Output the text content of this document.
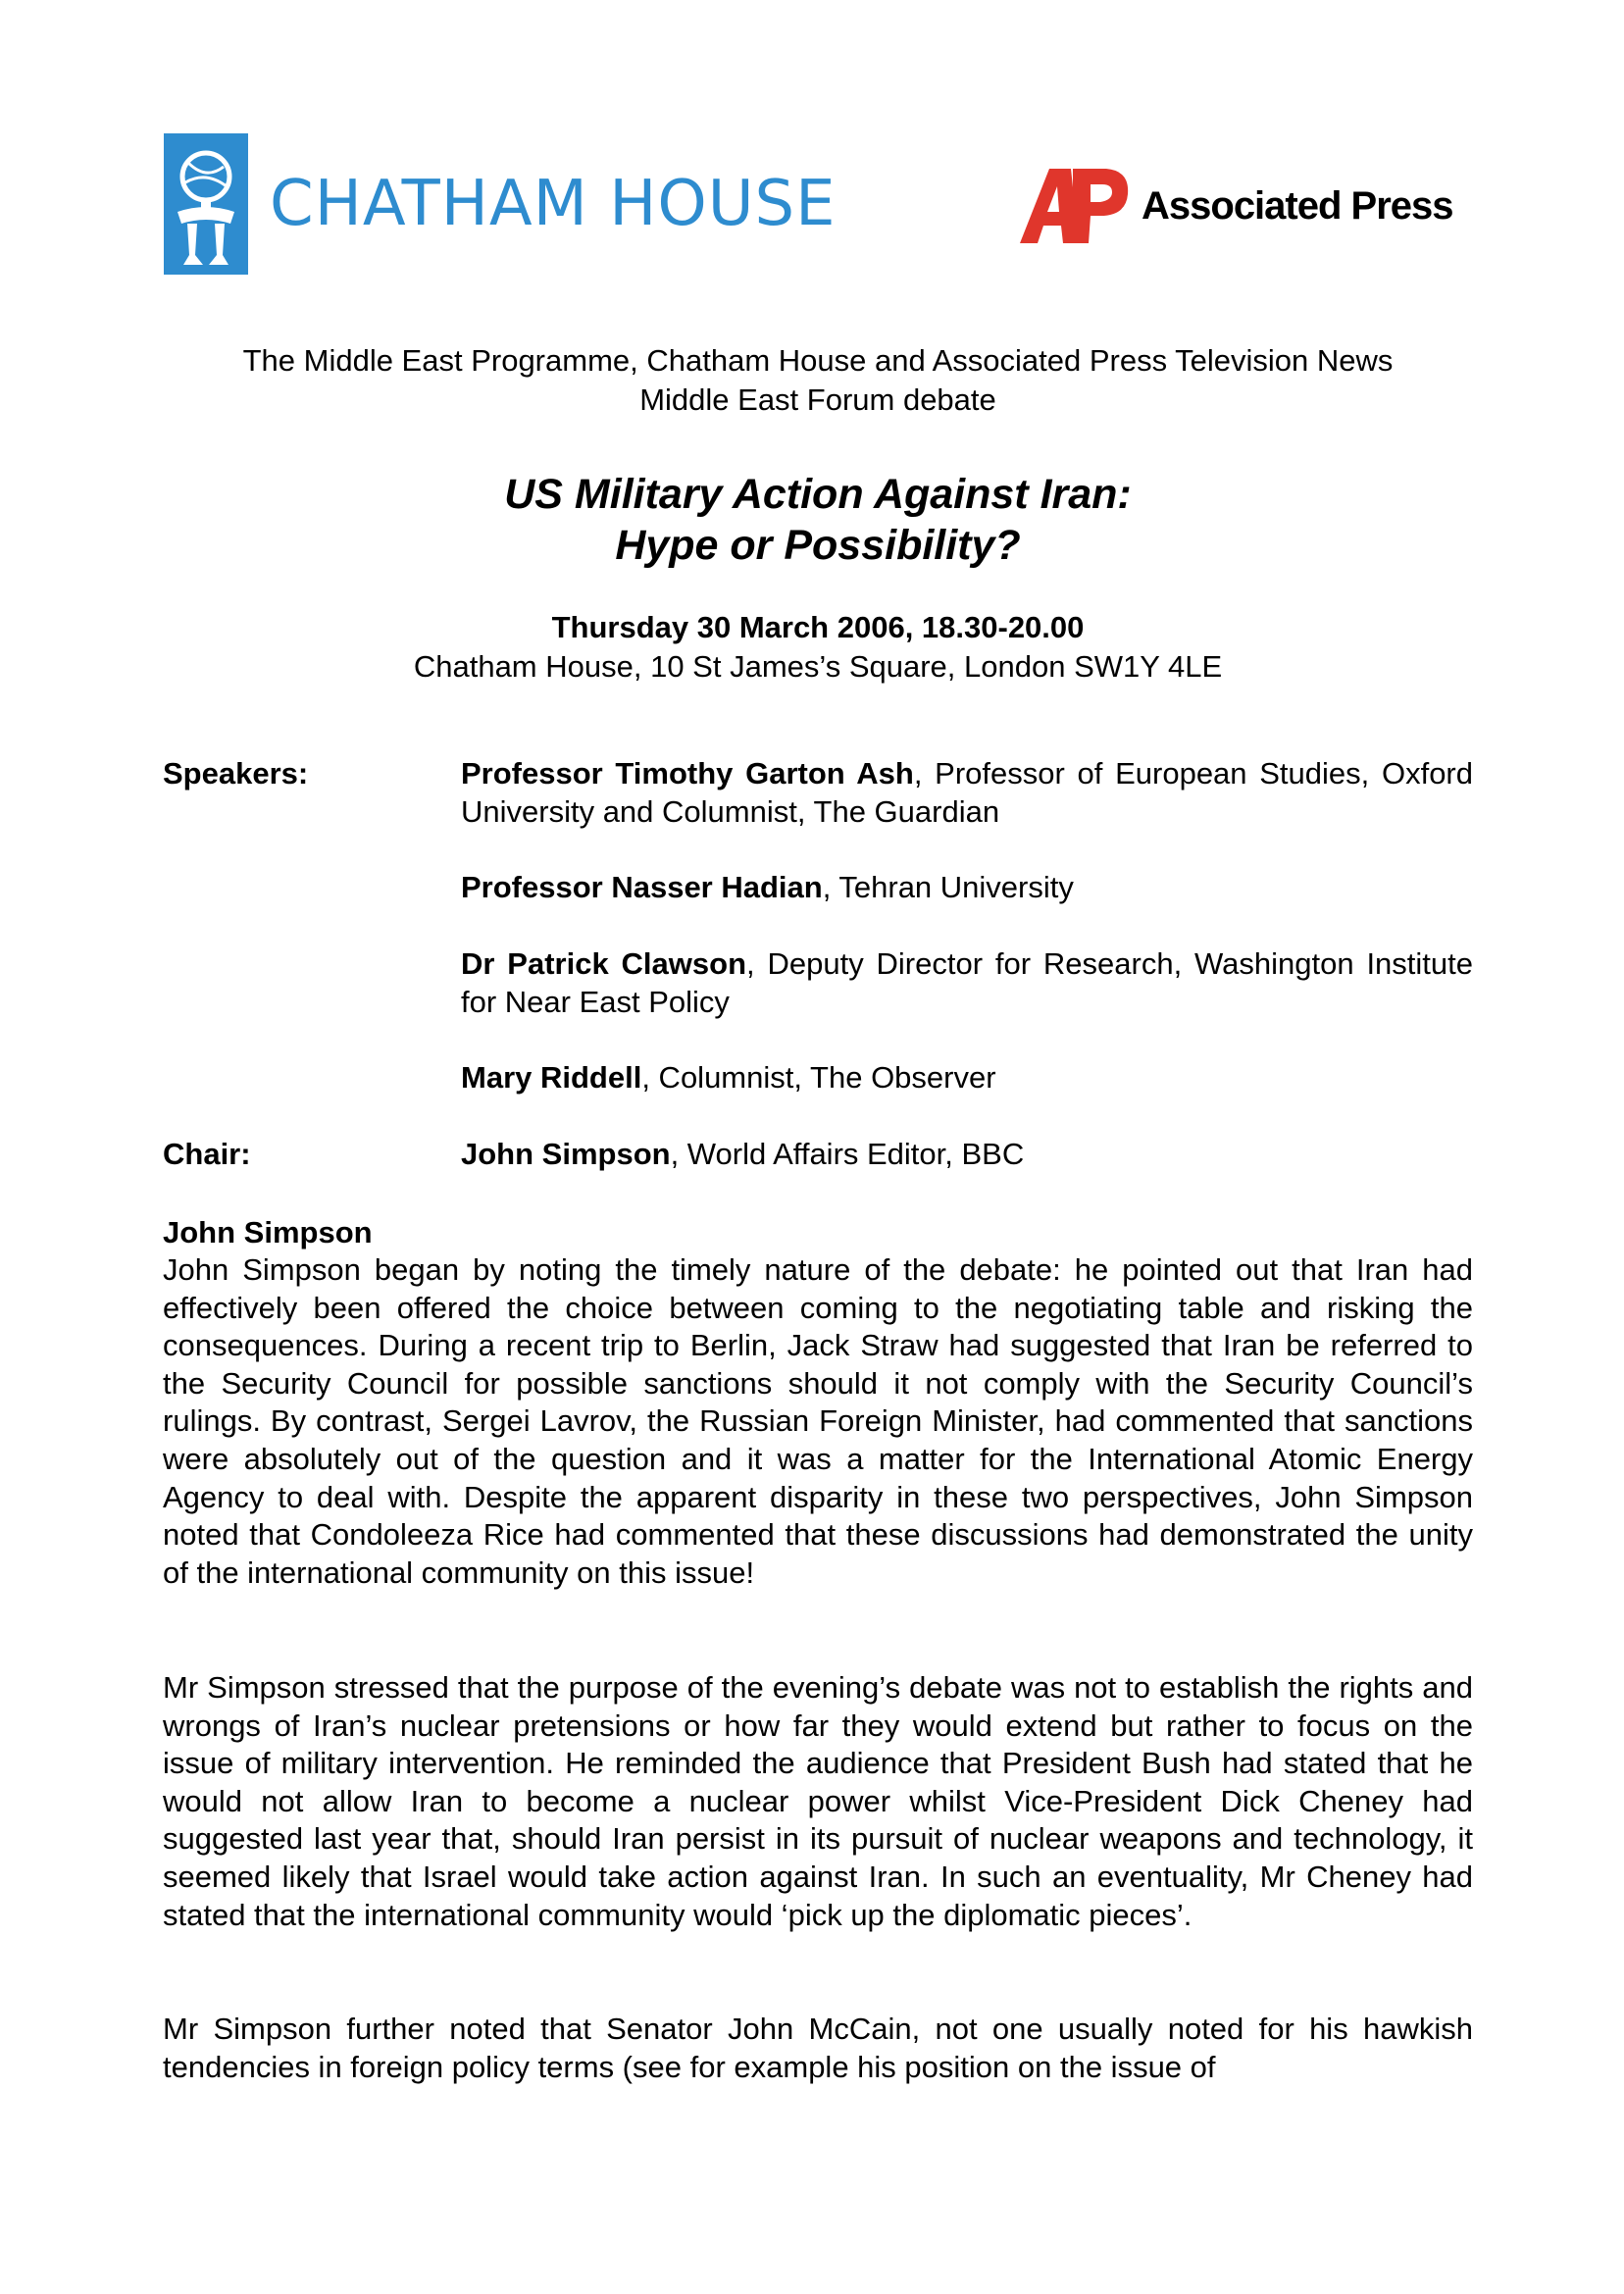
CHATHAM HOUSE	Associated Press
The Middle East Programme, Chatham House and Associated Press Television News
Middle East Forum debate
US Military Action Against Iran:
Hype or Possibility?
Thursday 30 March 2006, 18.30-20.00
Chatham House, 10 St James’s Square, London SW1Y 4LE
Speakers:	Professor Timothy Garton Ash, Professor of European Studies, Oxford University and Columnist, The Guardian
Professor Nasser Hadian, Tehran University
Dr Patrick Clawson, Deputy Director for Research, Washington Institute for Near East Policy
Mary Riddell, Columnist, The Observer
Chair:	John Simpson, World Affairs Editor, BBC
John Simpson

John Simpson began by noting the timely nature of the debate: he pointed out that Iran had effectively been offered the choice between coming to the negotiating table and risking the consequences. During a recent trip to Berlin, Jack Straw had suggested that Iran be referred to the Security Council for possible sanctions should it not comply with the Security Council’s rulings. By contrast, Sergei Lavrov, the Russian Foreign Minister, had commented that sanctions were absolutely out of the question and it was a matter for the International Atomic Energy Agency to deal with. Despite the apparent disparity in these two perspectives, John Simpson noted that Condoleeza Rice had commented that these discussions had demonstrated the unity of the international community on this issue!

Mr Simpson stressed that the purpose of the evening’s debate was not to establish the rights and wrongs of Iran’s nuclear pretensions or how far they would extend but rather to focus on the issue of military intervention. He reminded the audience that President Bush had stated that he would not allow Iran to become a nuclear power whilst Vice-President Dick Cheney had suggested last year that, should Iran persist in its pursuit of nuclear weapons and technology, it seemed likely that Israel would take action against Iran. In such an eventuality, Mr Cheney had stated that the international community would ‘pick up the diplomatic pieces’.

Mr Simpson further noted that Senator John McCain, not one usually noted for his hawkish tendencies in foreign policy terms (see for example his position on the issue of
